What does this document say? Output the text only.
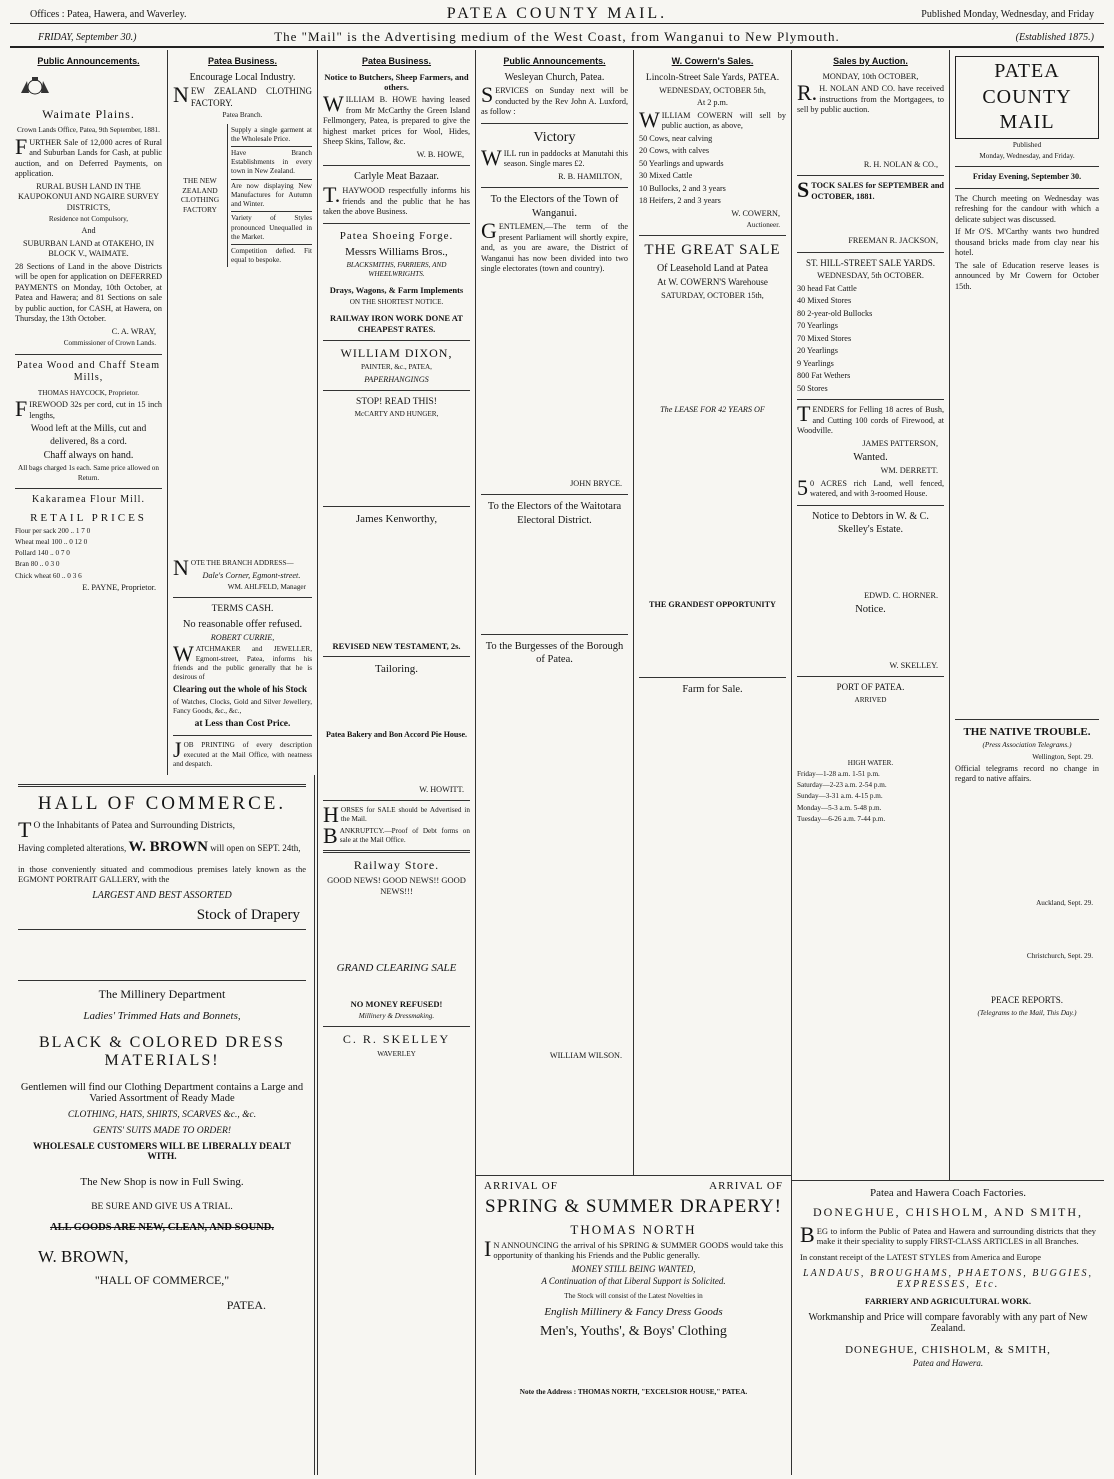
Offices : Patea, Hawera, and Waverley.	PATEA COUNTY MAIL.	Published Monday, Wednesday, and Friday
FRIDAY, September 30.)	The "Mail" is the Advertising medium of the West Coast, from Wanganui to New Plymouth.	(Established 1875.)
Public Announcements.
Waimate Plains.

Crown Lands Office, Patea, 9th September, 1881.

FURTHER Sale of 12,000 acres of Rural and Suburban Lands for Cash, at public auction, and on Deferred Payments, on application.

RURAL BUSH LAND IN THE KAUPOKONUI AND NGAIRE SURVEY DISTRICTS,

Residence not Compulsory,

And

SUBURBAN LAND at OTAKEHO, IN BLOCK V., WAIMATE.

28 Sections of Land in the above Districts will be open for application on DEFERRED PAYMENTS on Monday, 10th October, at Patea and Hawera; and 81 Sections on sale by public auction, for CASH, at Hawera, on Thursday, the 13th October.

C. A. WRAY,

Commissioner of Crown Lands.

Patea Wood and Chaff Steam Mills,

THOMAS HAYCOCK, Proprietor.

FIREWOOD 32s per cord, cut in 15 inch lengths,

Wood left at the Mills, cut and delivered, 8s a cord.

Chaff always on hand.

All bags charged 1s each. Same price allowed on Return.

Kakaramea Flour Mill.

RETAIL PRICES

Flour per sack 200 .. 1 7 0

Wheat meal 100 .. 0 12 0

Pollard 140 .. 0 7 0

Bran 80 .. 0 3 0

Chick wheat 60 .. 0 3 6

E. PAYNE, Proprietor.

Patea Business.

Encourage Local Industry.

NEW ZEALAND CLOTHING FACTORY.

Patea Branch.

THE NEW ZEALAND CLOTHING FACTORY

Supply a single garment at the Wholesale Price.

Have Branch Establishments in every town in New Zealand.

Are now displaying New Manufactures for Autumn and Winter.

Variety of Styles pronounced Unequalled in the Market.

Competition defied. Fit equal to bespoke.

NOTE THE BRANCH ADDRESS—

Dale's Corner, Egmont-street.

WM. AHLFELD, Manager

TERMS CASH.

No reasonable offer refused.

ROBERT CURRIE,

WATCHMAKER and JEWELLER, Egmont-street, Patea, informs his friends and the public generally that he is desirous of

Clearing out the whole of his Stock

of Watches, Clocks, Gold and Silver Jewellery, Fancy Goods, &c., &c.,

at Less than Cost Price.

JOB PRINTING of every description executed at the Mail Office, with neatness and despatch.

HALL OF COMMERCE.

TO the Inhabitants of Patea and Surrounding Districts,

Having completed alterations, W. BROWN will open on SEPT. 24th,

in those conveniently situated and commodious premises lately known as the EGMONT PORTRAIT GALLERY, with the

LARGEST AND BEST ASSORTED

Stock of Drapery

The Millinery Department

Ladies' Trimmed Hats and Bonnets,

BLACK & COLORED DRESS MATERIALS!

Gentlemen will find our Clothing Department contains a Large and Varied Assortment of Ready Made

CLOTHING, HATS, SHIRTS, SCARVES &c., &c.

GENTS' SUITS MADE TO ORDER!

WHOLESALE CUSTOMERS WILL BE LIBERALLY DEALT WITH.

The New Shop is now in Full Swing.

BE SURE AND GIVE US A TRIAL.

ALL GOODS ARE NEW, CLEAN, AND SOUND.

W. BROWN,

"HALL OF COMMERCE,"

PATEA.

Patea Business.

Notice to Butchers, Sheep Farmers, and others.

WILLIAM B. HOWE having leased from Mr McCarthy the Green Island Fellmongery, Patea, is prepared to give the highest market prices for Wool, Hides, Sheep Skins, Tallow, &c.

W. B. HOWE,

Carlyle Meat Bazaar.

T.HAYWOOD respectfully informs his friends and the public that he has taken the above Business.

Patea Shoeing Forge.

Messrs Williams Bros.,

BLACKSMITHS, FARRIERS, AND WHEELWRIGHTS.

Drays, Wagons, & Farm Implements

ON THE SHORTEST NOTICE.

RAILWAY IRON WORK DONE AT CHEAPEST RATES.

WILLIAM DIXON,

PAINTER, &c., PATEA,

PAPERHANGINGS

STOP! READ THIS!

McCARTY AND HUNGER,

James Kenworthy,

REVISED NEW TESTAMENT, 2s.

Tailoring.

Patea Bakery and Bon Accord Pie House.

W. HOWITT.

HORSES for SALE should be Advertised in the Mail.

BANKRUPTCY.—Proof of Debt forms on sale at the Mail Office.

Railway Store.

GOOD NEWS! GOOD NEWS!! GOOD NEWS!!!

GRAND CLEARING SALE

NO MONEY REFUSED!

Millinery & Dressmaking.

C. R. SKELLEY

WAVERLEY

Public Announcements.

Wesleyan Church, Patea.

SERVICES on Sunday next will be conducted by the Rev John A. Luxford, as follow :

Victory

WILL run in paddocks at Manutahi this season. Single mares £2.

R. B. HAMILTON,

To the Electors of the Town of Wanganui.

GENTLEMEN,—The term of the present Parliament will shortly expire, and, as you are aware, the District of Wanganui has now been divided into two single electorates (town and country).

JOHN BRYCE.

To the Electors of the Waitotara Electoral District.

To the Burgesses of the Borough of Patea.

WILLIAM WILSON.

W. Cowern's Sales.

Lincoln-Street Sale Yards, PATEA.

WEDNESDAY, OCTOBER 5th,

At 2 p.m.

WILLIAM COWERN will sell by public auction, as above,

50 Cows, near calving

20 Cows, with calves

50 Yearlings and upwards

30 Mixed Cattle

10 Bullocks, 2 and 3 years

18 Heifers, 2 and 3 years

W. COWERN,

Auctioneer.

THE GREAT SALE

Of Leasehold Land at Patea

At W. COWERN'S Warehouse

SATURDAY, OCTOBER 15th,

The LEASE FOR 42 YEARS OF

THE GRANDEST OPPORTUNITY

Farm for Sale.

Sales by Auction.

MONDAY, 10th OCTOBER,

R.H. NOLAN AND CO. have received instructions from the Mortgagees, to sell by public auction.

R. H. NOLAN & CO.,

STOCK SALES for SEPTEMBER and OCTOBER, 1881.

FREEMAN R. JACKSON,

ST. HILL-STREET SALE YARDS.

WEDNESDAY, 5th OCTOBER.

30 head Fat Cattle

40 Mixed Stores

80 2-year-old Bullocks

70 Yearlings

70 Mixed Stores

20 Yearlings

9 Yearlings

800 Fat Wethers

50 Stores

TENDERS for Felling 18 acres of Bush, and Cutting 100 cords of Firewood, at Woodville.

JAMES PATTERSON,

Wanted.

WM. DERRETT.

50 ACRES rich Land, well fenced, watered, and with 3-roomed House.

Notice to Debtors in W. & C. Skelley's Estate.

EDWD. C. HORNER.

Notice.

W. SKELLEY.

PORT OF PATEA.

ARRIVED

HIGH WATER.

Friday—1-28 a.m. 1-51 p.m.

Saturday—2-23 a.m. 2-54 p.m.

Sunday—3-31 a.m. 4-15 p.m.

Monday—5-3 a.m. 5-48 p.m.

Tuesday—6-26 a.m. 7-44 p.m.

PATEA COUNTY MAIL

Published

Monday, Wednesday, and Friday.

Friday Evening, September 30.

The Church meeting on Wednesday was refreshing for the candour with which a delicate subject was discussed.

If Mr O'S. M'Carthy wants two hundred thousand bricks made from clay near his hotel.

The sale of Education reserve leases is announced by Mr Cowern for October 15th.

THE NATIVE TROUBLE.

(Press Association Telegrams.)

Wellington, Sept. 29.

Official telegrams record no change in regard to native affairs.

Auckland, Sept. 29.

Christchurch, Sept. 29.

PEACE REPORTS.

(Telegrams to the Mail, This Day.)

Patea and Hawera Coach Factories.

DONEGHUE, CHISHOLM, AND SMITH,

BEG to inform the Public of Patea and Hawera and surrounding districts that they make it their speciality to supply FIRST-CLASS ARTICLES in all Branches.

In constant receipt of the LATEST STYLES from America and Europe

LANDAUS, BROUGHAMS, PHAETONS, BUGGIES, EXPRESSES, Etc.

FARRIERY AND AGRICULTURAL WORK.

Workmanship and Price will compare favorably with any part of New Zealand.

DONEGHUE, CHISHOLM, & SMITH,

Patea and Hawera.

ARRIVAL OF	ARRIVAL OF

SPRING & SUMMER DRAPERY!

THOMAS NORTH

IN ANNOUNCING the arrival of his SPRING & SUMMER GOODS would take this opportunity of thanking his Friends and the Public generally.

MONEY STILL BEING WANTED,

A Continuation of that Liberal Support is Solicited.

The Stock will consist of the Latest Novelties in

English Millinery & Fancy Dress Goods

Men's, Youths', & Boys' Clothing

Note the Address : THOMAS NORTH, "EXCELSIOR HOUSE," PATEA.
